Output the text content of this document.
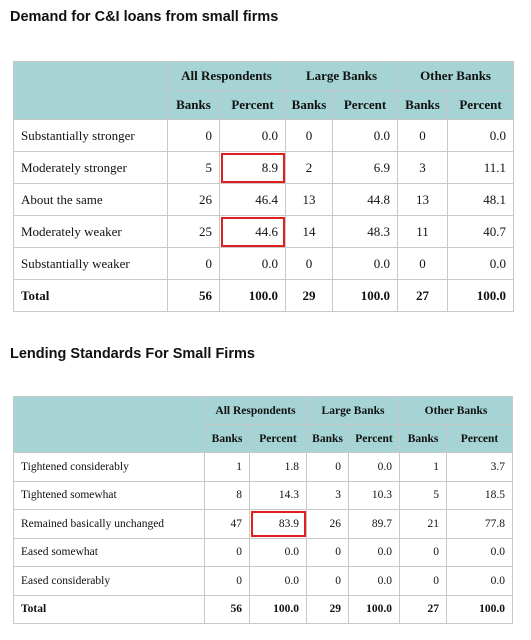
Demand for C&I loans from small firms
	All Respondents		Large Banks		Other Banks	
	Banks	Percent	Banks	Percent	Banks	Percent
Substantially stronger	0	0.0	0	0.0	0	0.0
Moderately stronger	5	8.9	2	6.9	3	11.1
About the same	26	46.4	13	44.8	13	48.1
Moderately weaker	25	44.6	14	48.3	11	40.7
Substantially weaker	0	0.0	0	0.0	0	0.0
Total	56	100.0	29	100.0	27	100.0
Lending Standards For Small Firms
	All Respondents		Large Banks		Other Banks	
	Banks	Percent	Banks	Percent	Banks	Percent
Tightened considerably	1	1.8	0	0.0	1	3.7
Tightened somewhat	8	14.3	3	10.3	5	18.5
Remained basically unchanged	47	83.9	26	89.7	21	77.8
Eased somewhat	0	0.0	0	0.0	0	0.0
Eased considerably	0	0.0	0	0.0	0	0.0
Total	56	100.0	29	100.0	27	100.0
